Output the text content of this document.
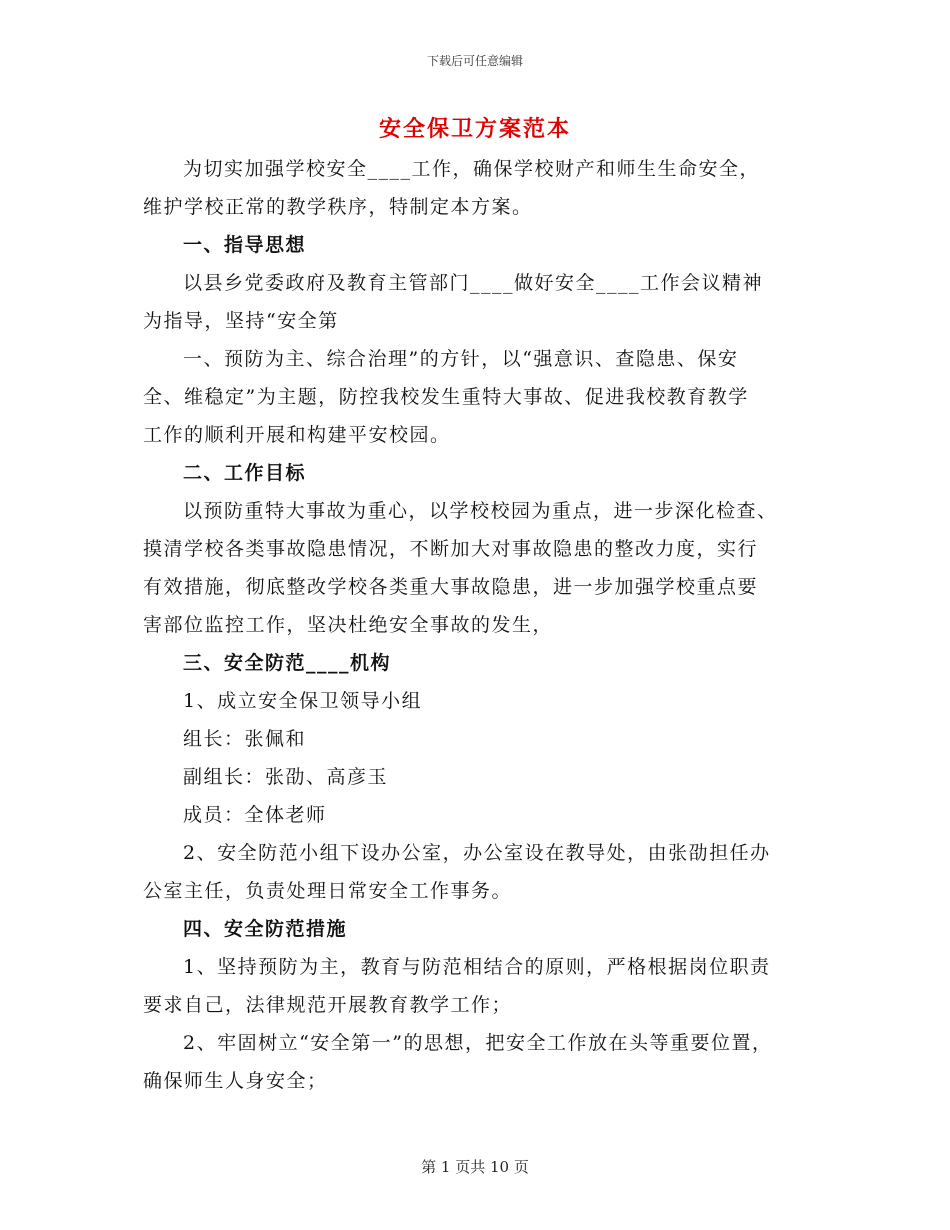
下载后可任意编辑
安全保卫方案范本

为切实加强学校安全____工作，确保学校财产和师生生命安全，

维护学校正常的教学秩序，特制定本方案。

一、指导思想

以县乡党委政府及教育主管部门____做好安全____工作会议精神

为指导，坚持“安全第

一、预防为主、综合治理”的方针，以“强意识、查隐患、保安

全、维稳定”为主题，防控我校发生重特大事故、促进我校教育教学

工作的顺利开展和构建平安校园。

二、工作目标

以预防重特大事故为重心，以学校校园为重点，进一步深化检查、

摸清学校各类事故隐患情况，不断加大对事故隐患的整改力度，实行

有效措施，彻底整改学校各类重大事故隐患，进一步加强学校重点要

害部位监控工作，坚决杜绝安全事故的发生，

三、安全防范____机构

1、成立安全保卫领导小组

组长：张佩和

副组长：张劭、高彦玉

成员：全体老师

2、安全防范小组下设办公室，办公室设在教导处，由张劭担任办

公室主任，负责处理日常安全工作事务。

四、安全防范措施

1、坚持预防为主，教育与防范相结合的原则，严格根据岗位职责

要求自己，法律规范开展教育教学工作；

2、牢固树立“安全第一”的思想，把安全工作放在头等重要位置，

确保师生人身安全；

第 1 页共 10 页
